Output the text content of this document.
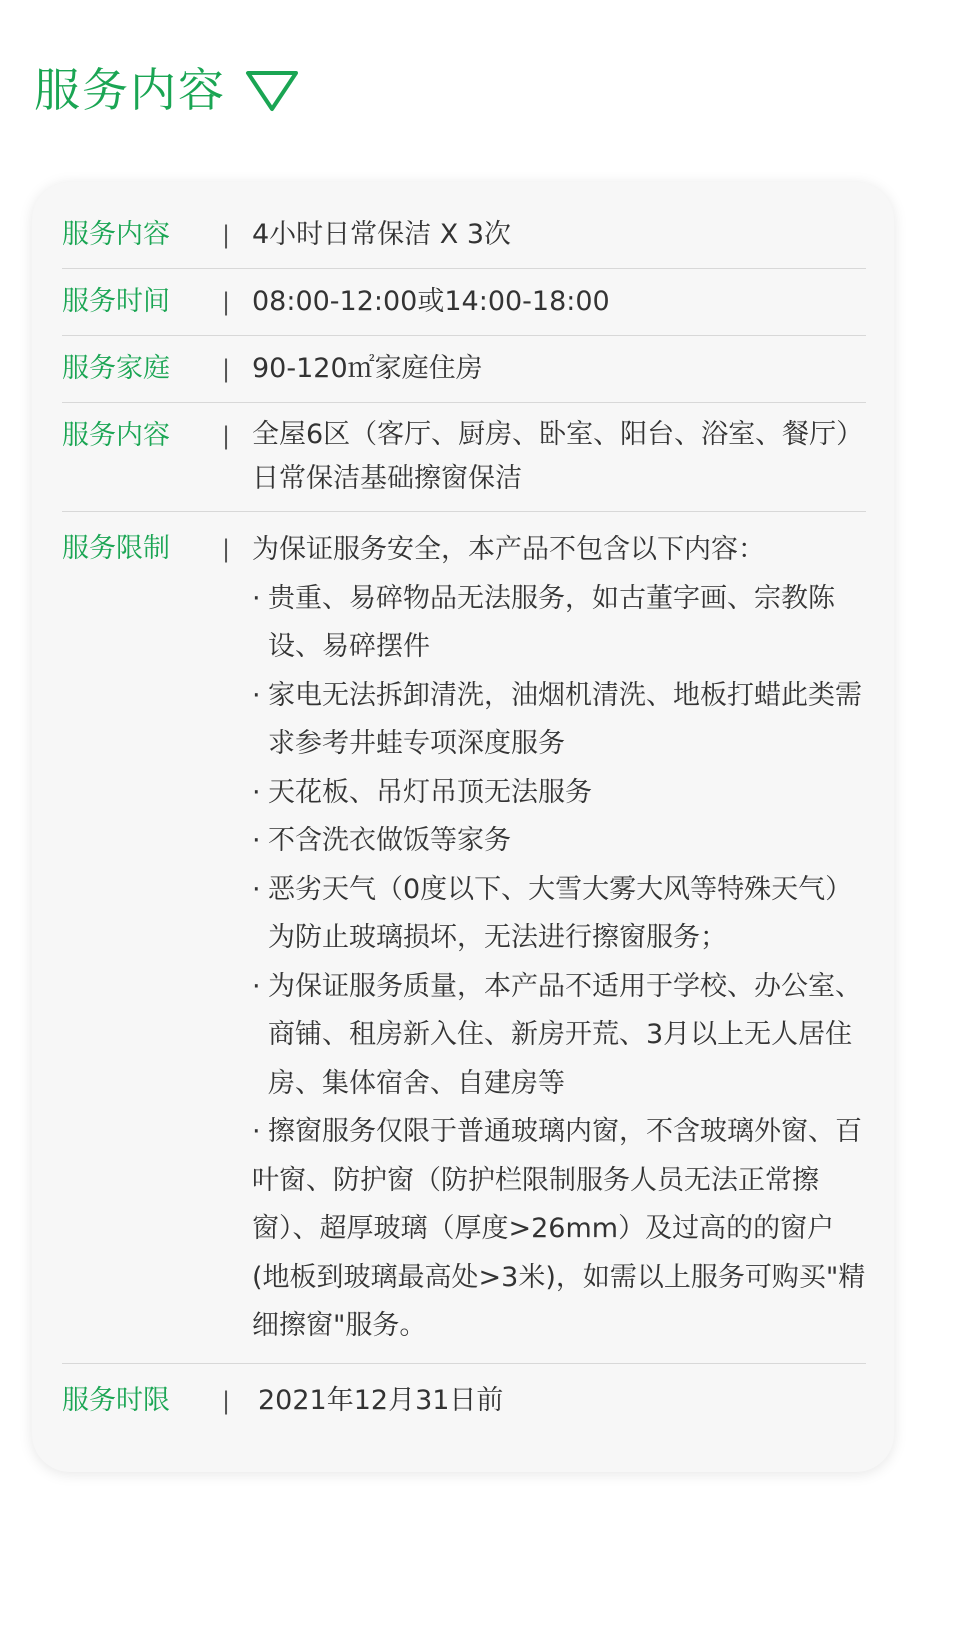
服务内容
服务内容	| 4小时日常保洁 X 3次
服务时间	| 08:00-12:00或14:00-18:00
服务家庭	| 90-120㎡家庭住房
服务内容	| 全屋6区（客厅、厨房、卧室、阳台、浴室、餐厅）日常保洁基础擦窗保洁
服务限制	| 为保证服务安全，本产品不包含以下内容：
· 贵重、易碎物品无法服务，如古董字画、宗教陈设、易碎摆件
· 家电无法拆卸清洗，油烟机清洗、地板打蜡此类需求参考井蛙专项深度服务
· 天花板、吊灯吊顶无法服务
· 不含洗衣做饭等家务
· 恶劣天气（0度以下、大雪大雾大风等特殊天气）为防止玻璃损坏，无法进行擦窗服务；
· 为保证服务质量，本产品不适用于学校、办公室、商铺、租房新入住、新房开荒、3月以上无人居住房、集体宿舍、自建房等
· 擦窗服务仅限于普通玻璃内窗，不含玻璃外窗、百叶窗、防护窗（防护栏限制服务人员无法正常擦窗）、超厚玻璃（厚度>26mm）及过高的的窗户(地板到玻璃最高处>3米)，如需以上服务可购买"精细擦窗"服务。
服务时限	|	2021年12月31日前
